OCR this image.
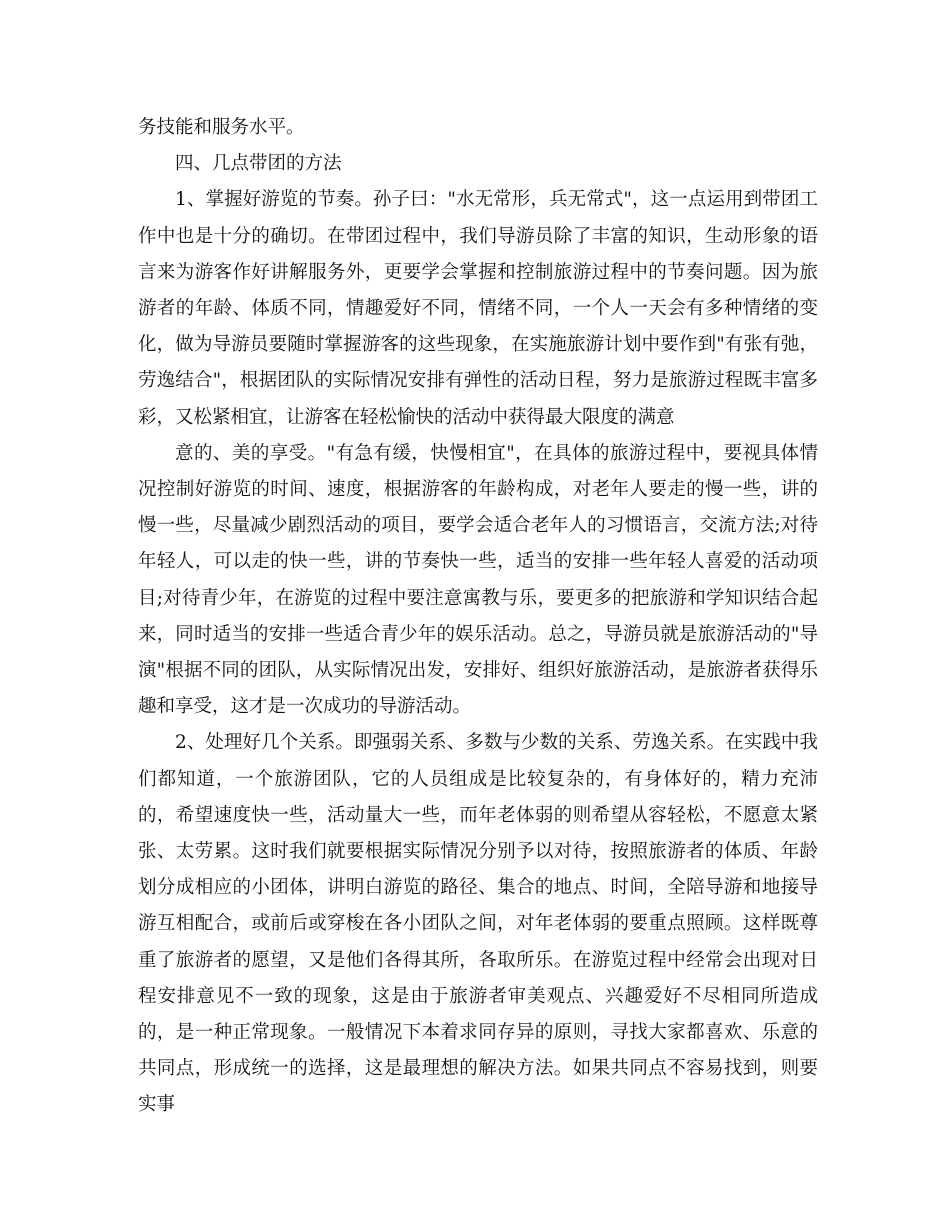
务技能和服务水平。

四、几点带团的方法

1、掌握好游览的节奏。孙子曰："水无常形，兵无常式"，这一点运用到带团工作中也是十分的确切。在带团过程中，我们导游员除了丰富的知识，生动形象的语言来为游客作好讲解服务外，更要学会掌握和控制旅游过程中的节奏问题。因为旅游者的年龄、体质不同，情趣爱好不同，情绪不同，一个人一天会有多种情绪的变化，做为导游员要随时掌握游客的这些现象，在实施旅游计划中要作到"有张有弛，劳逸结合"，根据团队的实际情况安排有弹性的活动日程，努力是旅游过程既丰富多彩，又松紧相宜，让游客在轻松愉快的活动中获得最大限度的满意

意的、美的享受。"有急有缓，快慢相宜"，在具体的旅游过程中，要视具体情况控制好游览的时间、速度，根据游客的年龄构成，对老年人要走的慢一些，讲的慢一些，尽量减少剧烈活动的项目，要学会适合老年人的习惯语言，交流方法;对待年轻人，可以走的快一些，讲的节奏快一些，适当的安排一些年轻人喜爱的活动项目;对待青少年，在游览的过程中要注意寓教与乐，要更多的把旅游和学知识结合起来，同时适当的安排一些适合青少年的娱乐活动。总之，导游员就是旅游活动的"导演"根据不同的团队，从实际情况出发，安排好、组织好旅游活动，是旅游者获得乐趣和享受，这才是一次成功的导游活动。

2、处理好几个关系。即强弱关系、多数与少数的关系、劳逸关系。在实践中我们都知道，一个旅游团队，它的人员组成是比较复杂的，有身体好的，精力充沛的，希望速度快一些，活动量大一些，而年老体弱的则希望从容轻松，不愿意太紧张、太劳累。这时我们就要根据实际情况分别予以对待，按照旅游者的体质、年龄划分成相应的小团体，讲明白游览的路径、集合的地点、时间，全陪导游和地接导游互相配合，或前后或穿梭在各小团队之间，对年老体弱的要重点照顾。这样既尊重了旅游者的愿望，又是他们各得其所，各取所乐。在游览过程中经常会出现对日程安排意见不一致的现象，这是由于旅游者审美观点、兴趣爱好不尽相同所造成的，是一种正常现象。一般情况下本着求同存异的原则，寻找大家都喜欢、乐意的共同点，形成统一的选择，这是最理想的解决方法。如果共同点不容易找到，则要实事
